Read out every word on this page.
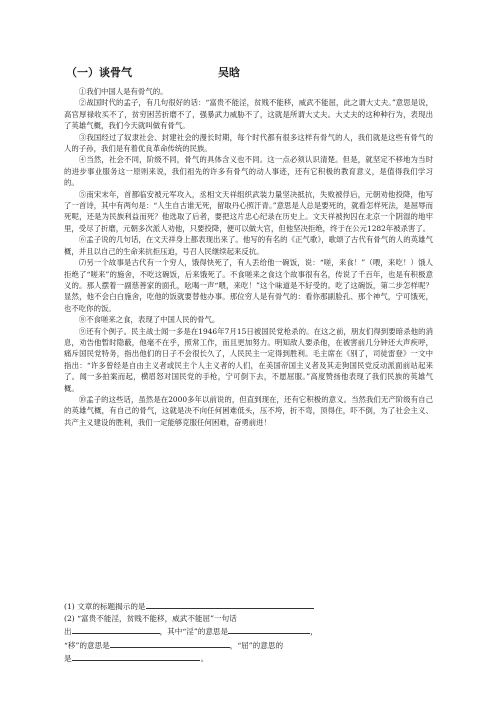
（一）谈骨气	吴晗

①我们中国人是有骨气的。

②战国时代的孟子，有几句很好的话：“富贵不能淫，贫贱不能移，威武不能屈，此之谓大丈夫。”意思是说，高官厚禄收买不了，贫穷困苦折磨不了，强暴武力威胁不了，这就是所谓大丈夫。大丈夫的这种种行为，表现出了英雄气概，我们今天就叫做有骨气。

③我国经过了奴隶社会、封建社会的漫长时期，每个时代都有很多这样有骨气的人，我们就是这些有骨气的人的子孙，我们是有着优良革命传统的民族。

④当然，社会不同，阶级不同，骨气的具体含义也不同。这一点必须认识清楚。但是，就坚定不移地为当时的进步事业服务这一原则来说，我们祖先的许多有骨气的动人事迹，还有它积极的教育意义，是值得我们学习的。

⑤南宋末年，首都临安被元军攻入，丞相文天祥组织武装力量坚决抵抗，失败被俘后，元朝劝他投降，他写了一首诗，其中有两句是：“人生自古谁无死，留取丹心照汗青。”意思是人总是要死的，就看怎样死法，是屈辱而死呢，还是为民族利益而死？他选取了后者，要把这片忠心纪录在历史上。文天祥被拘囚在北京一个阴湿的地牢里，受尽了折磨，元朝多次派人劝他，只要投降，便可以做大官，但他坚决拒绝，终于在公元1282年被杀害了。

⑥孟子说的几句话，在文天祥身上都表现出来了。他写的有名的《正气歌》，歌颂了古代有骨气的人的英雄气概，并且以自己的生命来抗拒压迫，号召人民继续起来反抗。

⑺另一个故事是古代有一个穷人，饿得快死了，有人丢给他一碗饭，说：“嗟，来食！”（喂，来吃！）饿人拒绝了“嗟来”的施舍，不吃这碗饭，后来饿死了。不食嗟来之食这个故事很有名，传说了千百年，也是有积极意义的。那人摆着一副慈善家的面孔，吆喝一声“喂，来吃！”这个味道是不好受的。吃了这碗饭，第二步怎样呢？显然，他不会白白施舍，吃他的饭就要替他办事。那位穷人是有骨气的：看你那副脸孔、那个神气，宁可饿死，也不吃你的饭。

⑧不食嗟来之食，表现了中国人民的骨气。

⑨还有个例子。民主战士闻一多是在1946年7月15日被国民党枪杀的。在这之前，朋友们得到要暗杀他的消息，劝告他暂时隐蔽，他毫不在乎，照常工作，而且更加努力。明知敌人要杀他，在被害前几分钟还大声疾呼，痛斥国民党特务，指出他们的日子不会很长久了，人民民主一定得到胜利。毛主席在《别了，司徒雷登》一文中指出：“许多曾经是自由主义者或民主个人主义者的人们，在美国帝国主义者及其走狗国民党反动派面前站起来了。闻一多拍案而起，横眉怒对国民党的手枪，宁可倒下去，不愿屈服。”高度赞扬他表现了我们民族的英雄气概。

⑩孟子的这些话，虽然是在2000多年以前说的，但直到现在，还有它积极的意义。当然我们无产阶级有自己的英雄气概，有自己的骨气，这就是决不向任何困难低头，压不垮，折不弯，顶得住，吓不倒，为了社会主义、共产主义建设的胜利，我们一定能够克服任何困难，奋勇前进！

(1) 文章的标题揭示的是

(2) “富贵不能淫，贫贱不能移，威武不能屈”一句话

出	，其中“淫”的意思是	，

“移”的意思是	，“屈”的意思的

是	。
